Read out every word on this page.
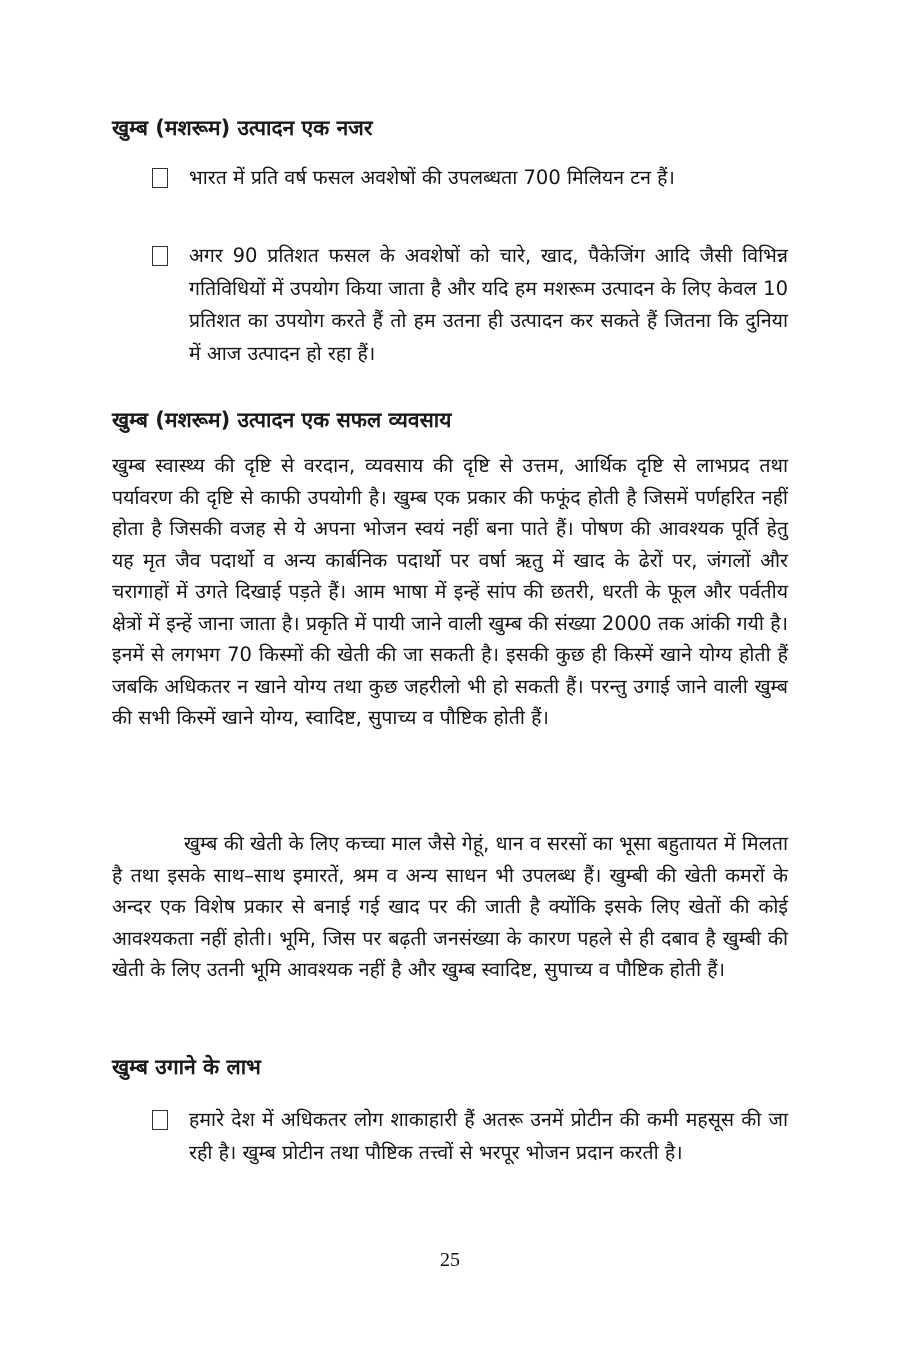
खुम्ब (मशरूम) उत्पादन एक नजर

भारत में प्रति वर्ष फसल अवशेषों की उपलब्धता 700 मिलियन टन हैं।

अगर 90 प्रतिशत फसल के अवशेषों को चारे, खाद, पैकेजिंग आदि जैसी विभिन्न गतिविधियों में उपयोग किया जाता है और यदि हम मशरूम उत्पादन के लिए केवल 10 प्रतिशत का उपयोग करते हैं तो हम उतना ही उत्पादन कर सकते हैं जितना कि दुनिया में आज उत्पादन हो रहा हैं।

खुम्ब (मशरूम) उत्पादन एक सफल व्यवसाय

खुम्ब स्वास्थ्य की दृष्टि से वरदान, व्यवसाय की दृष्टि से उत्तम, आर्थिक दृष्टि से लाभप्रद तथा पर्यावरण की दृष्टि से काफी उपयोगी है। खुम्ब एक प्रकार की फफूंद होती है जिसमें पर्णहरित नहीं होता है जिसकी वजह से ये अपना भोजन स्वयं नहीं बना पाते हैं। पोषण की आवश्यक पूर्ति हेतु यह मृत जैव पदार्थो व अन्य कार्बनिक पदार्थो पर वर्षा ऋतु में खाद के ढेरों पर, जंगलों और चरागाहों में उगते दिखाई पड़ते हैं। आम भाषा में इन्हें सांप की छतरी, धरती के फूल और पर्वतीय क्षेत्रों में इन्हें जाना जाता है। प्रकृति में पायी जाने वाली खुम्ब की संख्या 2000 तक आंकी गयी है। इनमें से लगभग 70 किस्मों की खेती की जा सकती है। इसकी कुछ ही किस्में खाने योग्य होती हैं जबकि अधिकतर न खाने योग्य तथा कुछ जहरीलो भी हो सकती हैं। परन्तु उगाई जाने वाली खुम्ब की सभी किस्में खाने योग्य, स्वादिष्ट, सुपाच्य व पौष्टिक होती हैं।

खुम्ब की खेती के लिए कच्चा माल जैसे गेहूं, धान व सरसों का भूसा बहुतायत में मिलता है तथा इसके साथ–साथ इमारतें, श्रम व अन्य साधन भी उपलब्ध हैं। खुम्बी की खेती कमरों के अन्दर एक विशेष प्रकार से बनाई गई खाद पर की जाती है क्योंकि इसके लिए खेतों की कोई आवश्यकता नहीं होती। भूमि, जिस पर बढ़ती जनसंख्या के कारण पहले से ही दबाव है खुम्बी की खेती के लिए उतनी भूमि आवश्यक नहीं है और खुम्ब स्वादिष्ट, सुपाच्य व पौष्टिक होती हैं।

खुम्ब उगाने के लाभ

हमारे देश में अधिकतर लोग शाकाहारी हैं अतरू उनमें प्रोटीन की कमी महसूस की जा रही है। खुम्ब प्रोटीन तथा पौष्टिक तत्त्वों से भरपूर भोजन प्रदान करती है।

25
